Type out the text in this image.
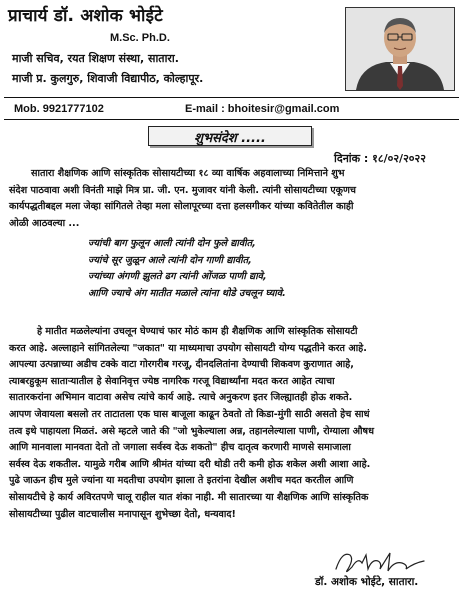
प्राचार्य डॉ. अशोक भोईटे
M.Sc. Ph.D.
माजी सचिव, रयत शिक्षण संस्था, सातारा.
माजी प्र. कुलगुरु, शिवाजी विद्यापीठ, कोल्हापूर.
Mob. 9921777102	E-mail : bhoitesir@gmail.com
शुभसंदेश .....
दिनांक : १८/०२/२०२२
सातारा शैक्षणिक आणि सांस्कृतिक सोसायटीच्या १८ व्या वार्षिक अहवालाच्या निमित्ताने शुभ
संदेश पाठवावा अशी विनंती माझे मित्र प्रा. जी. एन. मुजावर यांनी केली. त्यांनी सोसायटीच्या एकूणच
कार्यपद्धतीबद्दल मला जेव्हा सांगितले तेव्हा मला सोलापूरच्या दत्ता हलसगीकर यांच्या कवितेतील काही
ओळी आठवल्या ...
ज्यांची बाग फुलून आली त्यांनी दोन फुले द्यावीत,
ज्यांचे सूर जुळून आले त्यांनी दोन गाणी द्यावीत,
ज्यांच्या अंगणी झुलते ढग त्यांनी ओंजळ पाणी द्यावे,
आणि ज्याचे अंग मातीत मळाले त्यांना थोडे उचलून घ्यावे.
हे मातीत मळलेल्यांना उचलून घेण्याचं फार मोठं काम ही शैक्षणिक आणि सांस्कृतिक सोसायटी
करत आहे. अल्लाहाने सांगितलेल्या "जकात" या माध्यमाचा उपयोग सोसायटी योग्य पद्धतीने करत आहे.
आपल्या उत्पन्नाच्या अडीच टक्के वाटा गोरगरीब गरजू, दीनदलितांना देण्याची शिकवण कुराणात आहे,
त्याबरहुकूम साताऱ्यातील हे सेवानिवृत्त ज्येष्ठ नागरिक गरजू विद्यार्थ्यांना मदत करत आहेत त्याचा
सातारकरांना अभिमान वाटावा असेच त्यांचे कार्य आहे. त्याचे अनुकरण इतर जिल्ह्यातही होऊ शकते.
आपण जेवायला बसलो तर ताटातला एक घास बाजूला काढून ठेवतो तो किडा-मुंगी साठी असतो हेच साधं
तत्व इथे पाहायला मिळतं. असे म्हटले जाते की "जो भुकेल्याला अन्न, तहानलेल्याला पाणी, रोग्याला औषध
आणि मानवाला मानवता देतो तो जगाला सर्वस्व देऊ शकतो" हीच दातृत्व करणारी माणसे समाजाला
सर्वस्व देऊ शकतील. यामुळे गरीब आणि श्रीमंत यांच्या दरी थोडी तरी कमी होऊ शकेल अशी आशा आहे.
पुढे जाऊन हीच मुले ज्यांना या मदतीचा उपयोग झाला ते इतरांना देखील अशीच मदत करतील आणि
सोसायटीचे हे कार्य अविरतपणे चालू राहील यात शंका नाही. मी सातारच्या या शैक्षणिक आणि सांस्कृतिक
सोसायटीच्या पुढील वाटचालीस मनापासून शुभेच्छा देतो, धन्यवाद!
डॉ. अशोक भोईटे, सातारा.
